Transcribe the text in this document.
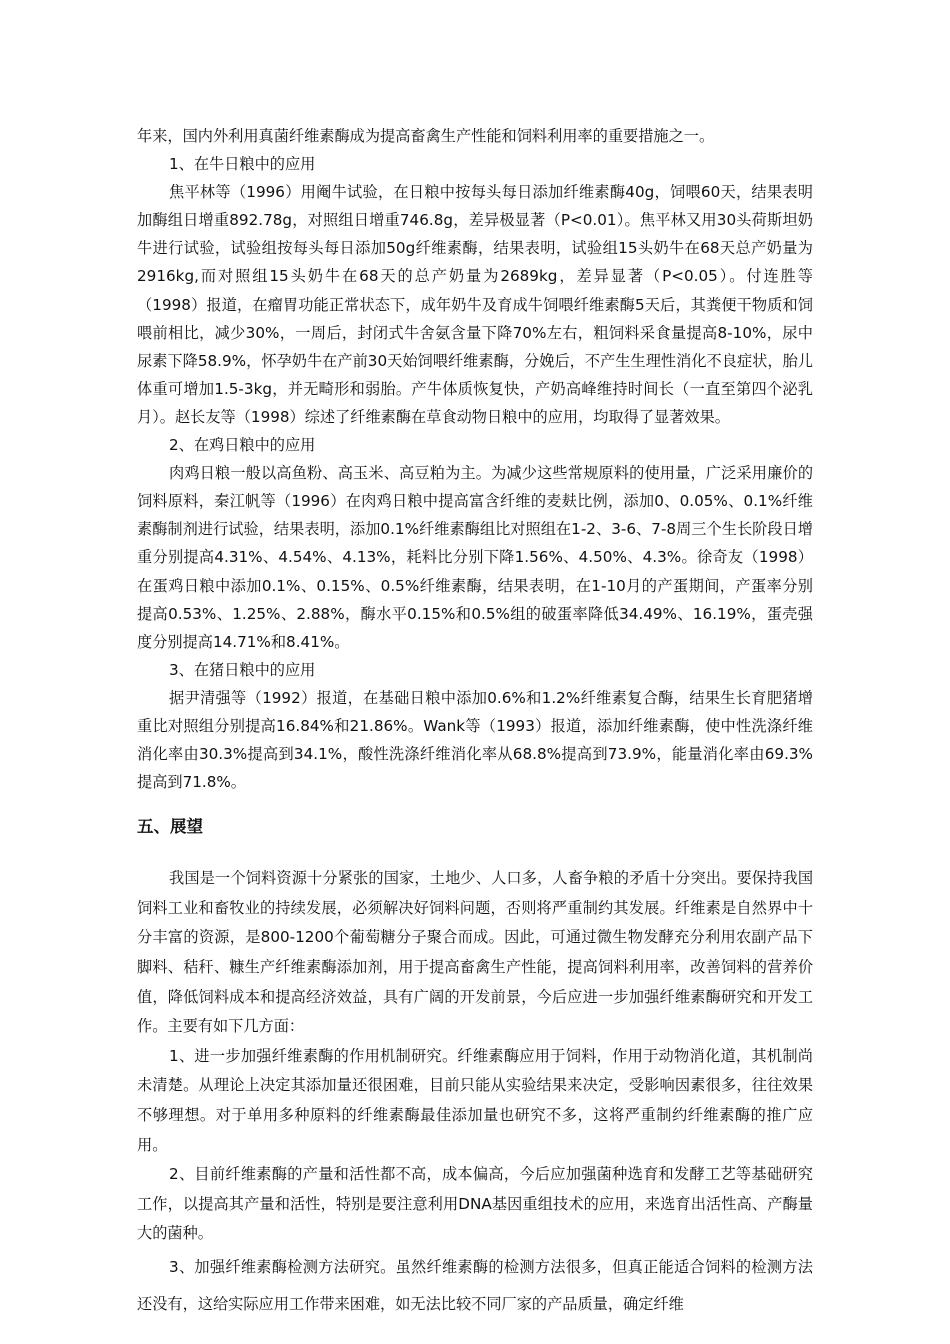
年来，国内外利用真菌纤维素酶成为提高畜禽生产性能和饲料利用率的重要措施之一。

1、在牛日粮中的应用

焦平林等（1996）用阉牛试验，在日粮中按每头每日添加纤维素酶40g，饲喂60天，结果表明加酶组日增重892.78g，对照组日增重746.8g，差异极显著（P<0.01）。焦平林又用30头荷斯坦奶牛进行试验，试验组按每头每日添加50g纤维素酶，结果表明，试验组15头奶牛在68天总产奶量为2916kg,而对照组15头奶牛在68天的总产奶量为2689kg，差异显著（P<0.05）。付连胜等（1998）报道，在瘤胃功能正常状态下，成年奶牛及育成牛饲喂纤维素酶5天后，其粪便干物质和饲喂前相比，减少30%，一周后，封闭式牛舍氨含量下降70%左右，粗饲料采食量提高8-10%，尿中尿素下降58.9%，怀孕奶牛在产前30天始饲喂纤维素酶，分娩后，不产生生理性消化不良症状，胎儿体重可增加1.5-3kg，并无畸形和弱胎。产牛体质恢复快，产奶高峰维持时间长（一直至第四个泌乳月）。赵长友等（1998）综述了纤维素酶在草食动物日粮中的应用，均取得了显著效果。

2、在鸡日粮中的应用

肉鸡日粮一般以高鱼粉、高玉米、高豆粕为主。为减少这些常规原料的使用量，广泛采用廉价的饲料原料，秦江帆等（1996）在肉鸡日粮中提高富含纤维的麦麸比例，添加0、0.05%、0.1%纤维素酶制剂进行试验，结果表明，添加0.1%纤维素酶组比对照组在1-2、3-6、7-8周三个生长阶段日增重分别提高4.31%、4.54%、4.13%，耗料比分别下降1.56%、4.50%、4.3%。徐奇友（1998）在蛋鸡日粮中添加0.1%、0.15%、0.5%纤维素酶，结果表明，在1-10月的产蛋期间，产蛋率分别提高0.53%、1.25%、2.88%，酶水平0.15%和0.5%组的破蛋率降低34.49%、16.19%，蛋壳强度分别提高14.71%和8.41%。

3、在猪日粮中的应用

据尹清强等（1992）报道，在基础日粮中添加0.6%和1.2%纤维素复合酶，结果生长育肥猪增重比对照组分别提高16.84%和21.86%。Wank等（1993）报道，添加纤维素酶，使中性洗涤纤维消化率由30.3%提高到34.1%，酸性洗涤纤维消化率从68.8%提高到73.9%，能量消化率由69.3%提高到71.8%。

五、展望

我国是一个饲料资源十分紧张的国家，土地少、人口多，人畜争粮的矛盾十分突出。要保持我国饲料工业和畜牧业的持续发展，必须解决好饲料问题，否则将严重制约其发展。纤维素是自然界中十分丰富的资源，是800-1200个葡萄糖分子聚合而成。因此，可通过微生物发酵充分利用农副产品下脚料、秸秆、糠生产纤维素酶添加剂，用于提高畜禽生产性能，提高饲料利用率，改善饲料的营养价值，降低饲料成本和提高经济效益，具有广阔的开发前景，今后应进一步加强纤维素酶研究和开发工作。主要有如下几方面：

1、进一步加强纤维素酶的作用机制研究。纤维素酶应用于饲料，作用于动物消化道，其机制尚未清楚。从理论上决定其添加量还很困难，目前只能从实验结果来决定，受影响因素很多，往往效果不够理想。对于单用多种原料的纤维素酶最佳添加量也研究不多，这将严重制约纤维素酶的推广应用。

2、目前纤维素酶的产量和活性都不高，成本偏高，今后应加强菌种选育和发酵工艺等基础研究工作，以提高其产量和活性，特别是要注意利用DNA基因重组技术的应用，来选育出活性高、产酶量大的菌种。

3、加强纤维素酶检测方法研究。虽然纤维素酶的检测方法很多，但真正能适合饲料的检测方法还没有，这给实际应用工作带来困难，如无法比较不同厂家的产品质量，确定纤维
